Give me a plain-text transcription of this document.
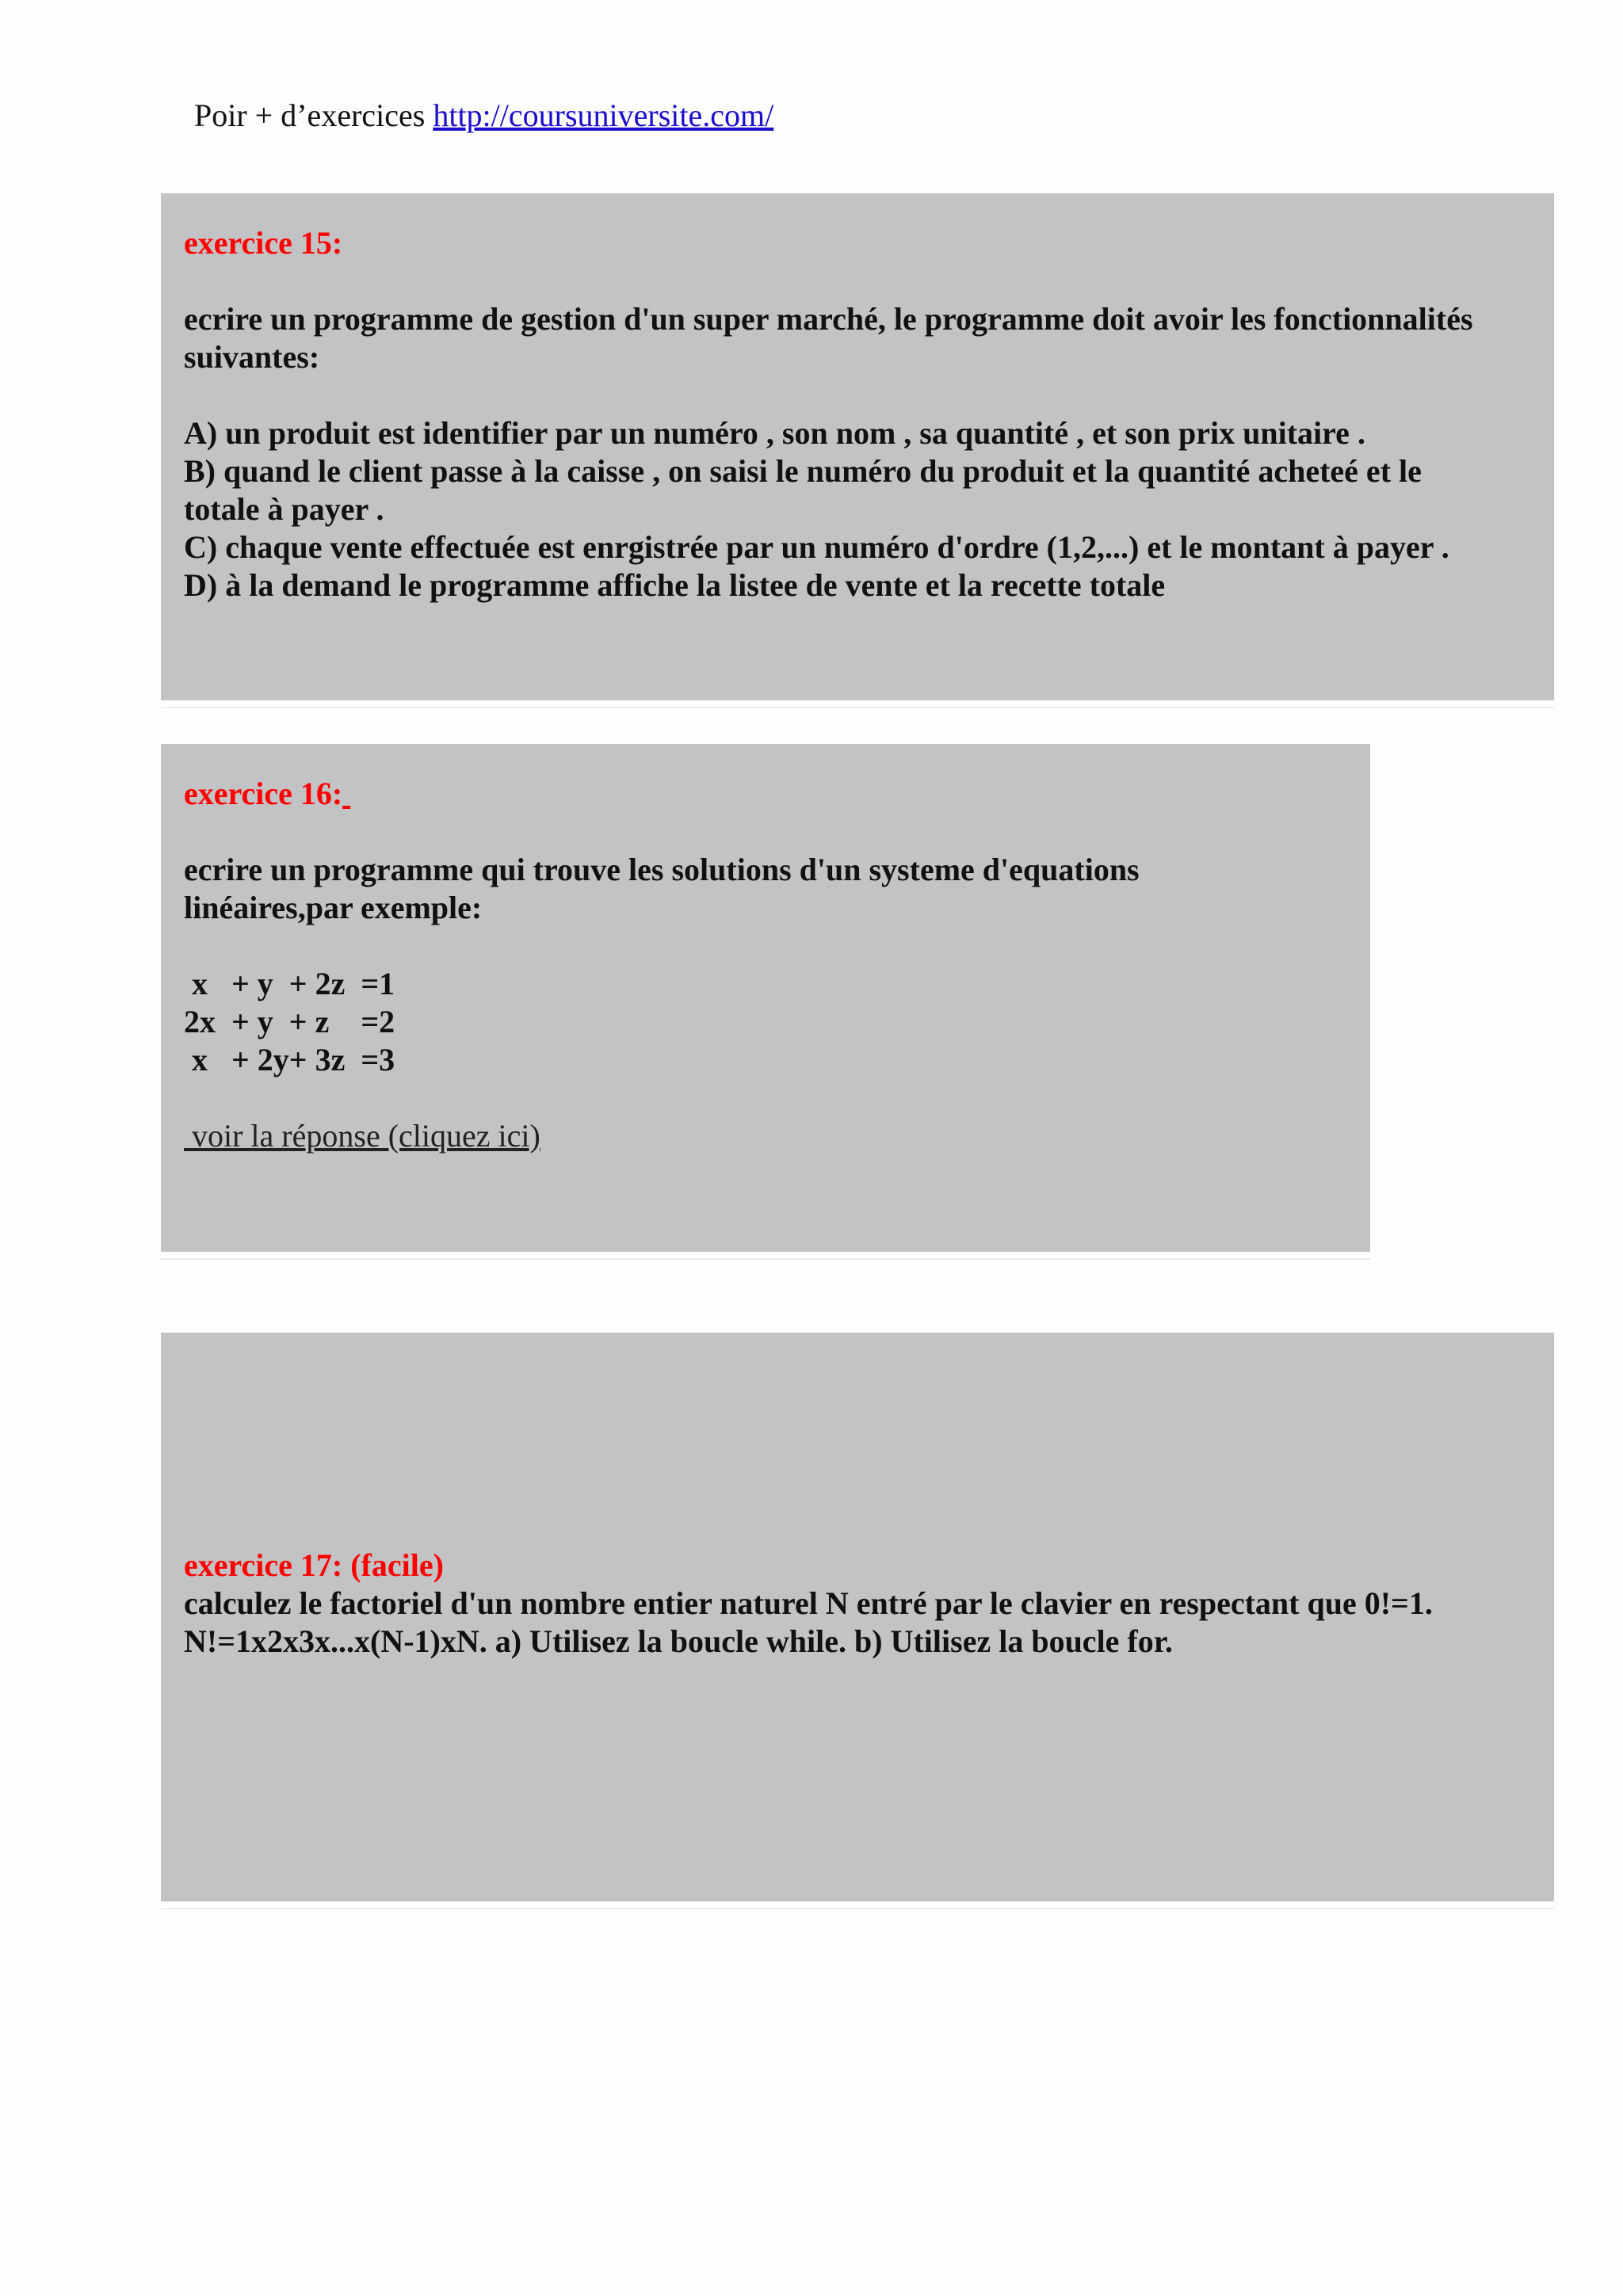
Poir + d’exercices http://coursuniversite.com/
exercice 15:
ecrire un programme de gestion d'un super marché, le programme doit avoir les fonctionnalités suivantes:
A) un produit est identifier par un numéro , son nom , sa quantité , et son prix unitaire .
B) quand le client passe à la caisse , on saisi le numéro du produit et la quantité acheteé et le totale à payer .
C) chaque vente effectuée est enrgistrée par un numéro d'ordre (1,2,...) et le montant à payer .
D) à la demand le programme affiche la listee de vente et la recette totale
exercice 16:
ecrire un programme qui trouve les solutions d'un systeme d'equations linéaires,par exemple:
x   + y  + 2z  =1
2x  + y  + z    =2
x   + 2y+ 3z  =3
voir la réponse (cliquez ici)
exercice 17: (facile)
calculez le factoriel d'un nombre entier naturel N entré par le clavier en respectant que 0!=1. N!=1x2x3x...x(N-1)xN. a) Utilisez la boucle while. b) Utilisez la boucle for.
